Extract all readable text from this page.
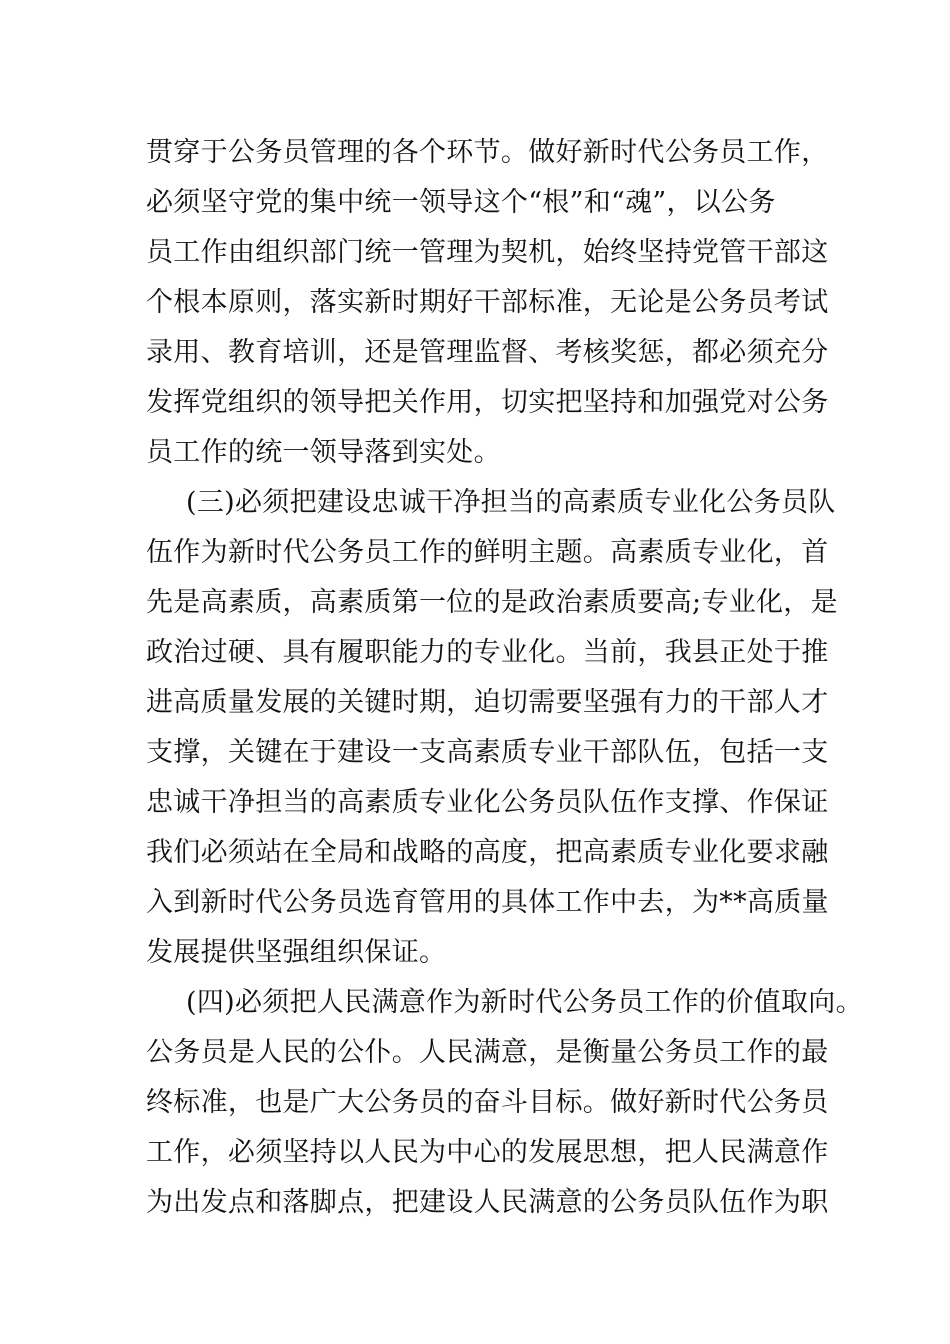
贯穿于公务员管理的各个环节。做好新时代公务员工作，
必须坚守党的集中统一领导这个“根”和“魂”，以公务
员工作由组织部门统一管理为契机，始终坚持党管干部这
个根本原则，落实新时期好干部标准，无论是公务员考试
录用、教育培训，还是管理监督、考核奖惩，都必须充分
发挥党组织的领导把关作用，切实把坚持和加强党对公务
员工作的统一领导落到实处。
(三)必须把建设忠诚干净担当的高素质专业化公务员队
伍作为新时代公务员工作的鲜明主题。高素质专业化，首
先是高素质，高素质第一位的是政治素质要高;专业化，是
政治过硬、具有履职能力的专业化。当前，我县正处于推
进高质量发展的关键时期，迫切需要坚强有力的干部人才
支撑，关键在于建设一支高素质专业干部队伍，包括一支
忠诚干净担当的高素质专业化公务员队伍作支撑、作保证
我们必须站在全局和战略的高度，把高素质专业化要求融
入到新时代公务员选育管用的具体工作中去，为**高质量
发展提供坚强组织保证。
(四)必须把人民满意作为新时代公务员工作的价值取向。
公务员是人民的公仆。人民满意，是衡量公务员工作的最
终标准，也是广大公务员的奋斗目标。做好新时代公务员
工作，必须坚持以人民为中心的发展思想，把人民满意作
为出发点和落脚点，把建设人民满意的公务员队伍作为职
